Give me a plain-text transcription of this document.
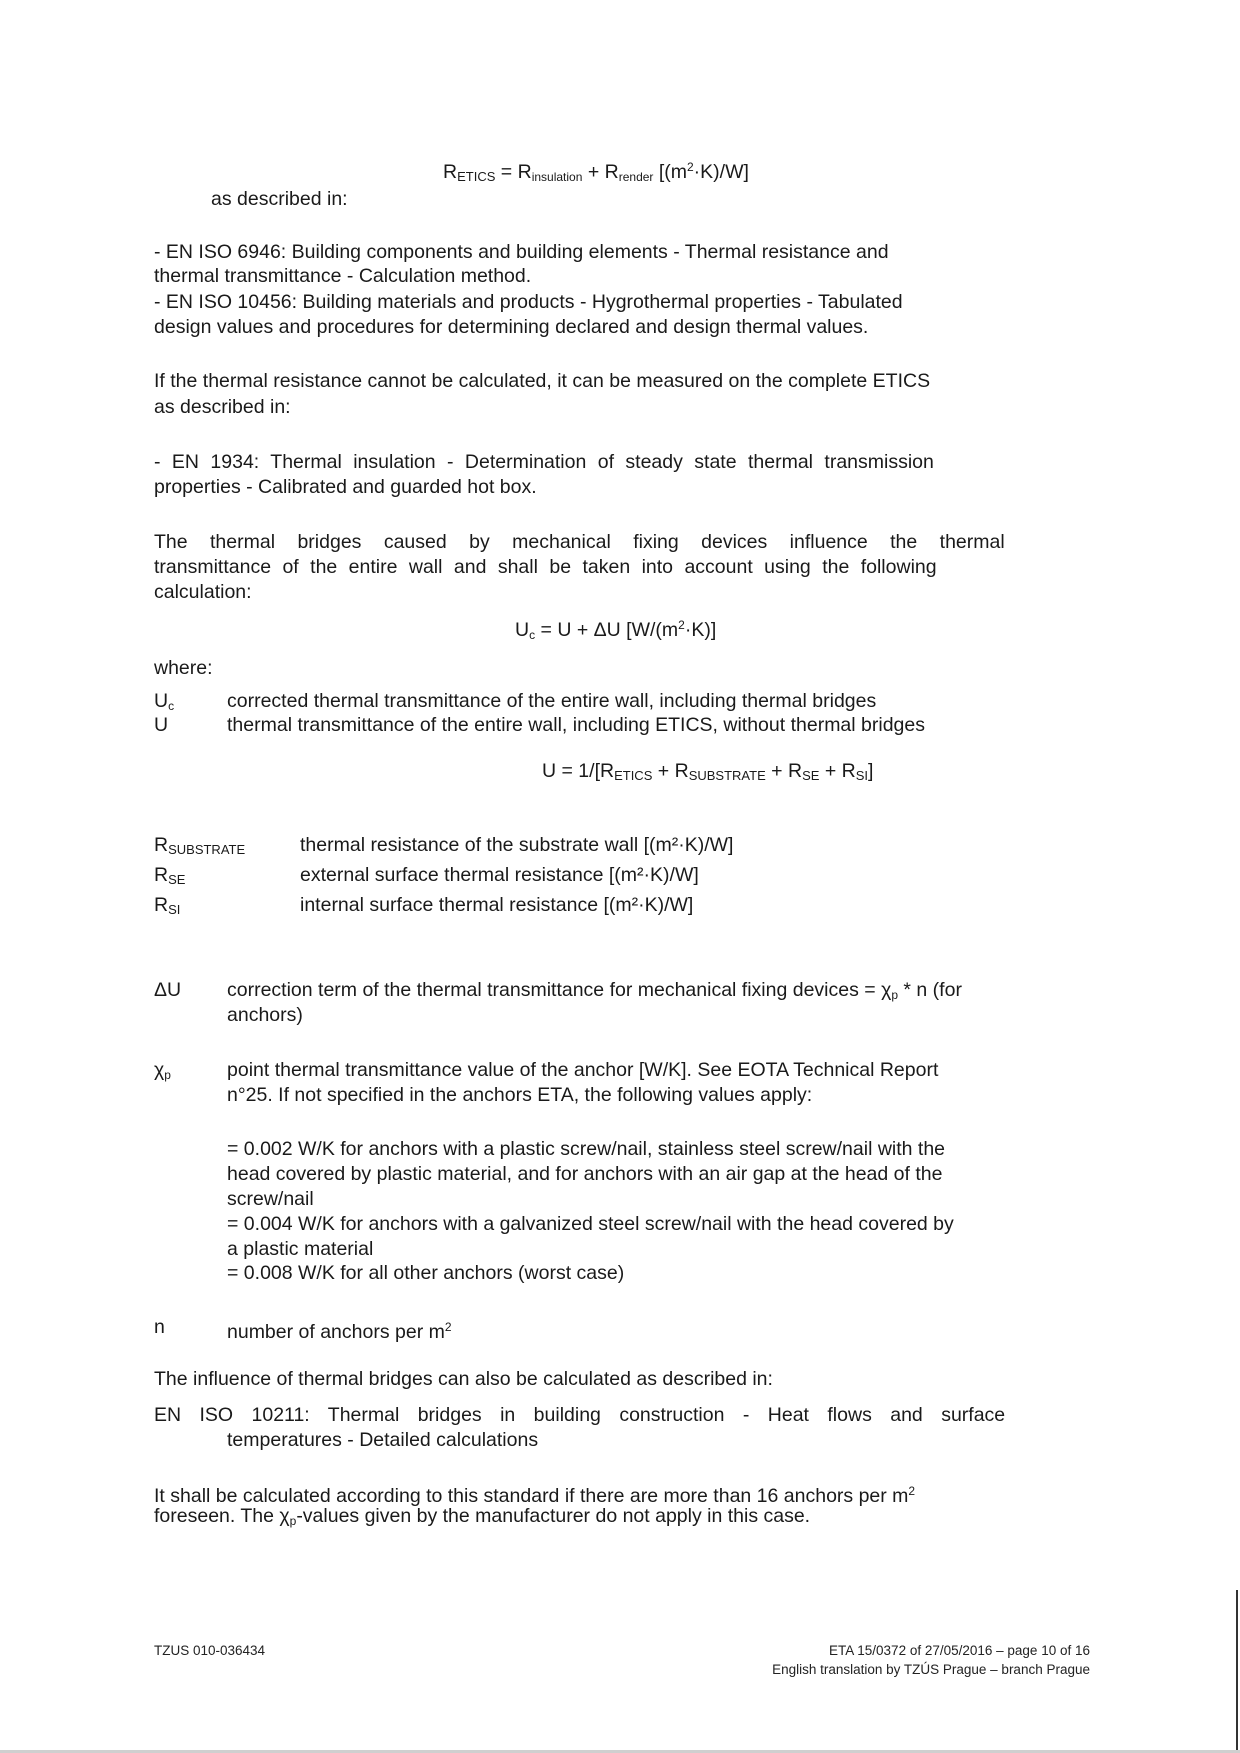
RETICS = $R_{insulation} + R_{render}$ $[(m^2\cdot K)/W]$
as described in:
- EN ISO 6946: Building components and building elements - Thermal resistance and
thermal transmittance - Calculation method.
- EN ISO 10456: Building materials and products - Hygrothermal properties - Tabulated
design values and procedures for determining declared and design thermal values.
If the thermal resistance cannot be calculated, it can be measured on the complete ETICS
as described in:
- EN 1934: Thermal insulation - Determination of steady state thermal transmission
properties - Calibrated and guarded hot box.
The thermal bridges caused by mechanical fixing devices influence the thermal
transmittance of the entire wall and shall be taken into account using the following
calculation:
$U_c = U + \Delta U$ $[W/(m^2\cdot K)]$
where:
$U_c$	corrected thermal transmittance of the entire wall, including thermal bridges
U	thermal transmittance of the entire wall, including ETICS, without thermal bridges
U = 1/[RETICS + RSUBSTRATE + RSE + RSI]
RSUBSTRATE	thermal resistance of the substrate wall [(m²·K)/W]
RSE	external surface thermal resistance [(m²·K)/W]
RSI	internal surface thermal resistance [(m²·K)/W]
ΔU correction term of the thermal transmittance for mechanical fixing devices = $\chi_p$ * n (for
anchors)
$\chi_p$	point thermal transmittance value of the anchor [W/K]. See EOTA Technical Report
n°25. If not specified in the anchors ETA, the following values apply:
= 0.002 W/K for anchors with a plastic screw/nail, stainless steel screw/nail with the
head covered by plastic material, and for anchors with an air gap at the head of the
screw/nail
= 0.004 W/K for anchors with a galvanized steel screw/nail with the head covered by
a plastic material
= 0.008 W/K for all other anchors (worst case)
n	number of anchors per $m^2$
The influence of thermal bridges can also be calculated as described in:
EN ISO 10211: Thermal bridges in building construction - Heat flows and surface
temperatures - Detailed calculations
It shall be calculated according to this standard if there are more than 16 anchors per $m^2$
foreseen. The $\chi_p$-values given by the manufacturer do not apply in this case.
TZUS 010-036434	ETA 15/0372 of 27/05/2016 – page 10 of 16
English translation by TZÚS Prague – branch Prague
